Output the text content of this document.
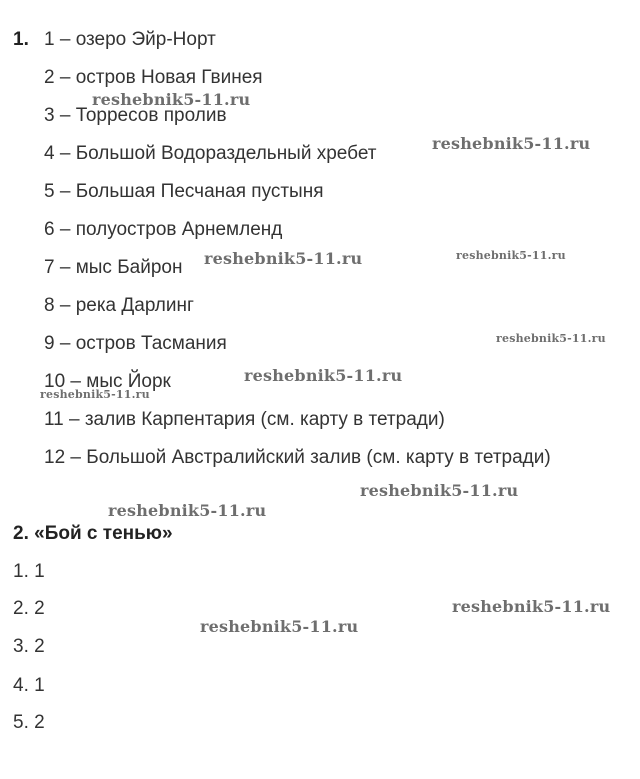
1. 1 – озеро Эйр-Норт
2 – остров Новая Гвинея
3 – Торресов пролив
4 – Большой Водораздельный хребет
5 – Большая Песчаная пустыня
6 – полуостров Арнемленд
7 – мыс Байрон
8 – река Дарлинг
9 – остров Тасмания
10 – мыс Йорк
11 – залив Карпентария (см. карту в тетради)
12 – Большой Австралийский залив (см. карту в тетради)
2. «Бой с тенью»
1. 1
2. 2
3. 2
4. 1
5. 2
reshebnik5-11.ru
reshebnik5-11.ru
reshebnik5-11.ru	reshebnik5-11.ru
reshebnik5-11.ru
reshebnik5-11.ru
reshebnik5-11.ru
reshebnik5-11.ru
reshebnik5-11.ru
reshebnik5-11.ru
reshebnik5-11.ru
